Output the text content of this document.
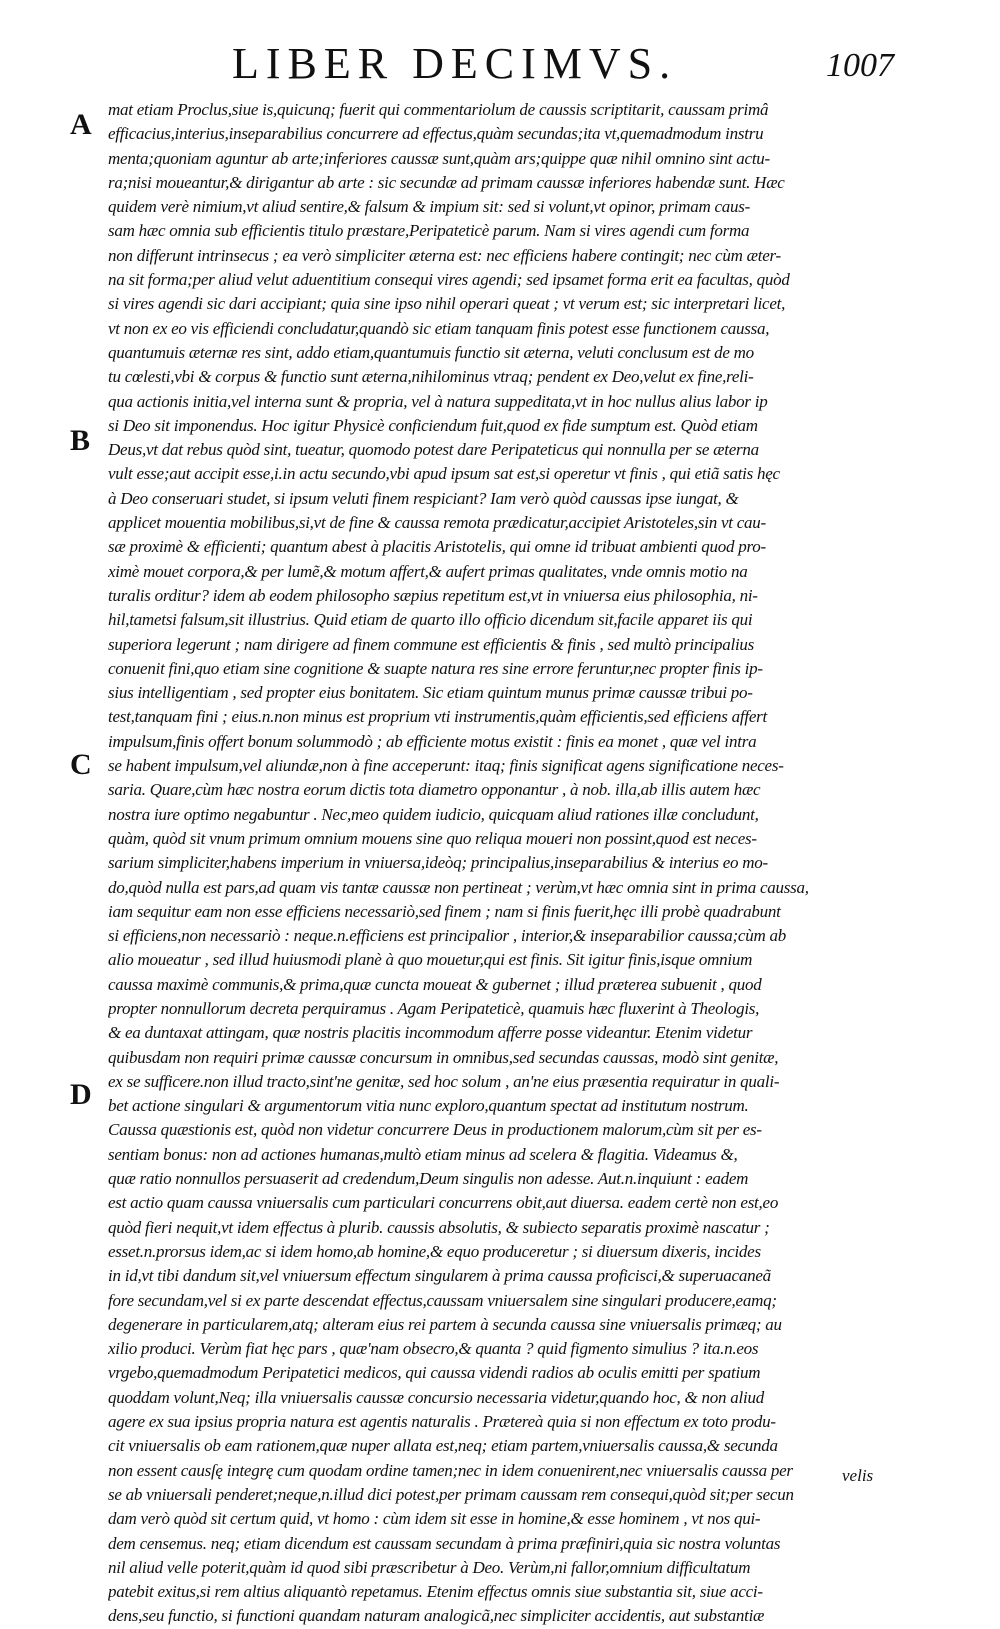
LIBER DECIMVS.	1007
A
B
C
D
mat etiam Proclus,siue is,quicunq; fuerit qui commentariolum de caussis scriptitarit, caussam primâ
efficacius,interius,inseparabilius concurrere ad effectus,quàm secundas;ita vt,quemadmodum instru
menta;quoniam aguntur ab arte;inferiores caussæ sunt,quàm ars;quippe quæ nihil omnino sint actu-
ra;nisi moueantur,& dirigantur ab arte : sic secundæ ad primam caussæ inferiores habendæ sunt. Hæc
quidem verè nimium,vt aliud sentire,& falsum & impium sit: sed si volunt,vt opinor, primam caus-
sam hæc omnia sub efficientis titulo præstare,Peripateticè parum. Nam si vires agendi cum forma
non differunt intrinsecus ; ea verò simpliciter æterna est: nec efficiens habere contingit; nec cùm æter-
na sit forma;per aliud velut aduentitium consequi vires agendi; sed ipsamet forma erit ea facultas, quòd
si vires agendi sic dari accipiant; quia sine ipso nihil operari queat ; vt verum est; sic interpretari licet,
vt non ex eo vis efficiendi concludatur,quandò sic etiam tanquam finis potest esse functionem caussa,
quantumuis æternæ res sint, addo etiam,quantumuis functio sit æterna, veluti conclusum est de mo
tu cœlesti,vbi & corpus & functio sunt æterna,nihilominus vtraq; pendent ex Deo,velut ex fine,reli-
qua actionis initia,vel interna sunt & propria, vel à natura suppeditata,vt in hoc nullus alius labor ip
si Deo sit imponendus. Hoc igitur Physicè conficiendum fuit,quod ex fide sumptum est. Quòd etiam
Deus,vt dat rebus quòd sint, tueatur, quomodo potest dare Peripateticus qui nonnulla per se æterna
vult esse;aut accipit esse,i.in actu secundo,vbi apud ipsum sat est,si operetur vt finis , qui etiã satis hęc
à Deo conseruari studet, si ipsum veluti finem respiciant? Iam verò quòd caussas ipse iungat, &
applicet mouentia mobilibus,si,vt de fine & caussa remota prædicatur,accipiet Aristoteles,sin vt cau-
sæ proximè & efficienti; quantum abest à placitis Aristotelis, qui omne id tribuat ambienti quod pro-
ximè mouet corpora,& per lumẽ,& motum affert,& aufert primas qualitates, vnde omnis motio na
turalis orditur? idem ab eodem philosopho sæpius repetitum est,vt in vniuersa eius philosophia, ni-
hil,tametsi falsum,sit illustrius. Quid etiam de quarto illo officio dicendum sit,facile apparet iis qui
superiora legerunt ; nam dirigere ad finem commune est efficientis & finis , sed multò principalius
conuenit fini,quo etiam sine cognitione & suapte natura res sine errore feruntur,nec propter finis ip-
sius intelligentiam , sed propter eius bonitatem. Sic etiam quintum munus primæ caussæ tribui po-
test,tanquam fini ; eius.n.non minus est proprium vti instrumentis,quàm efficientis,sed efficiens affert
impulsum,finis offert bonum solummodò ; ab efficiente motus existit : finis ea monet , quæ vel intra
se habent impulsum,vel aliundæ,non à fine acceperunt: itaq; finis significat agens significatione neces-
saria. Quare,cùm hæc nostra eorum dictis tota diametro opponantur , à nob. illa,ab illis autem hæc
nostra iure optimo negabuntur . Nec,meo quidem iudicio, quicquam aliud rationes illæ concludunt,
quàm, quòd sit vnum primum omnium mouens sine quo reliqua moueri non possint,quod est neces-
sarium simpliciter,habens imperium in vniuersa,ideòq; principalius,inseparabilius & interius eo mo-
do,quòd nulla est pars,ad quam vis tantæ caussæ non pertineat ; verùm,vt hæc omnia sint in prima caussa,
iam sequitur eam non esse efficiens necessariò,sed finem ; nam si finis fuerit,hęc illi probè quadrabunt
si efficiens,non necessariò : neque.n.efficiens est principalior , interior,& inseparabilior caussa;cùm ab
alio moueatur , sed illud huiusmodi planè à quo mouetur,qui est finis. Sit igitur finis,isque omnium
caussa maximè communis,& prima,quæ cuncta moueat & gubernet ; illud præterea subuenit , quod
propter nonnullorum decreta perquiramus . Agam Peripateticè, quamuis hæc fluxerint à Theologis,
& ea duntaxat attingam, quæ nostris placitis incommodum afferre posse videantur. Etenim videtur
quibusdam non requiri primæ caussæ concursum in omnibus,sed secundas caussas, modò sint genitæ,
ex se sufficere.non illud tracto,sint'ne genitæ, sed hoc solum , an'ne eius præsentia requiratur in quali-
bet actione singulari & argumentorum vitia nunc exploro,quantum spectat ad institutum nostrum.
Caussa quæstionis est, quòd non videtur concurrere Deus in productionem malorum,cùm sit per es-
sentiam bonus: non ad actiones humanas,multò etiam minus ad scelera & flagitia. Videamus &,
quæ ratio nonnullos persuaserit ad credendum,Deum singulis non adesse. Aut.n.inquiunt : eadem
est actio quam caussa vniuersalis cum particulari concurrens obit,aut diuersa. eadem certè non est,eo
quòd fieri nequit,vt idem effectus à plurib. caussis absolutis, & subiecto separatis proximè nascatur ;
esset.n.prorsus idem,ac si idem homo,ab homine,& equo produceretur ; si diuersum dixeris, incides
in id,vt tibi dandum sit,vel vniuersum effectum singularem à prima caussa proficisci,& superuacaneã
fore secundam,vel si ex parte descendat effectus,caussam vniuersalem sine singulari producere,eamq;
degenerare in particularem,atq; alteram eius rei partem à secunda caussa sine vniuersalis primæq; au
xilio produci. Verùm fiat hęc pars , quæ'nam obsecro,& quanta ? quid figmento simulius ? ita.n.eos
vrgebo,quemadmodum Peripatetici medicos, qui caussa videndi radios ab oculis emitti per spatium
quoddam volunt,Neq; illa vniuersalis caussæ concursio necessaria videtur,quando hoc, & non aliud
agere ex sua ipsius propria natura est agentis naturalis . Prætereà quia si non effectum ex toto produ-
cit vniuersalis ob eam rationem,quæ nuper allata est,neq; etiam partem,vniuersalis caussa,& secunda
non essent causſę integrę cum quodam ordine tamen;nec in idem conuenirent,nec vniuersalis caussa per
se ab vniuersali penderet;neque,n.illud dici potest,per primam caussam rem consequi,quòd sit;per secun
dam verò quòd sit certum quid, vt homo : cùm idem sit esse in homine,& esse hominem , vt nos qui-
dem censemus. neq; etiam dicendum est caussam secundam à prima præfiniri,quia sic nostra voluntas
nil aliud velle poterit,quàm id quod sibi præscribetur à Deo. Verùm,ni fallor,omnium difficultatum
patebit exitus,si rem altius aliquantò repetamus. Etenim effectus omnis siue substantia sit, siue acci-
dens,seu functio, si functioni quandam naturam analogicã,nec simpliciter accidentis, aut substantiæ
velis
